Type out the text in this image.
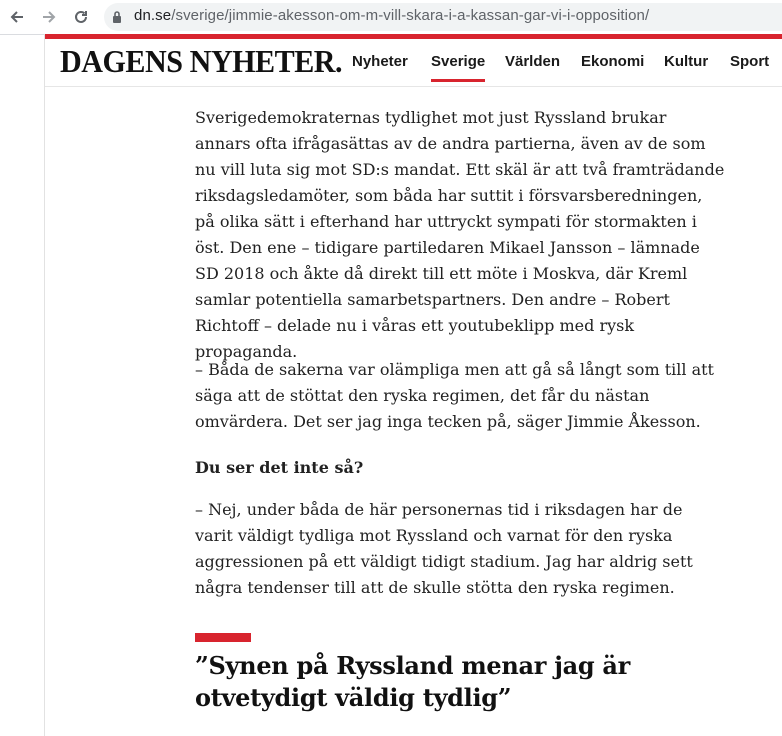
dn.se/sverige/jimmie-akesson-om-m-vill-skara-i-a-kassan-gar-vi-i-opposition/
DAGENS NYHETER. Nyheter Sverige Världen Ekonomi Kultur Sport

Sverigedemokraternas tydlighet mot just Ryssland brukar annars ofta ifrågasättas av de andra partierna, även av de som nu vill luta sig mot SD:s mandat. Ett skäl är att två framträdande riksdagsledamöter, som båda har suttit i försvarsberedningen, på olika sätt i efterhand har uttryckt sympati för stormakten i öst. Den ene – tidigare partiledaren Mikael Jansson – lämnade SD 2018 och åkte då direkt till ett möte i Moskva, där Kreml samlar potentiella samarbetspartners. Den andre – Robert Richtoff – delade nu i våras ett youtubeklipp med rysk propaganda.

– Båda de sakerna var olämpliga men att gå så långt som till att säga att de stöttat den ryska regimen, det får du nästan omvärdera. Det ser jag inga tecken på, säger Jimmie Åkesson.

Du ser det inte så?

– Nej, under båda de här personernas tid i riksdagen har de varit väldigt tydliga mot Ryssland och varnat för den ryska aggressionen på ett väldigt tidigt stadium. Jag har aldrig sett några tendenser till att de skulle stötta den ryska regimen.

”Synen på Ryssland menar jag är otvetydigt väldig tydlig”
